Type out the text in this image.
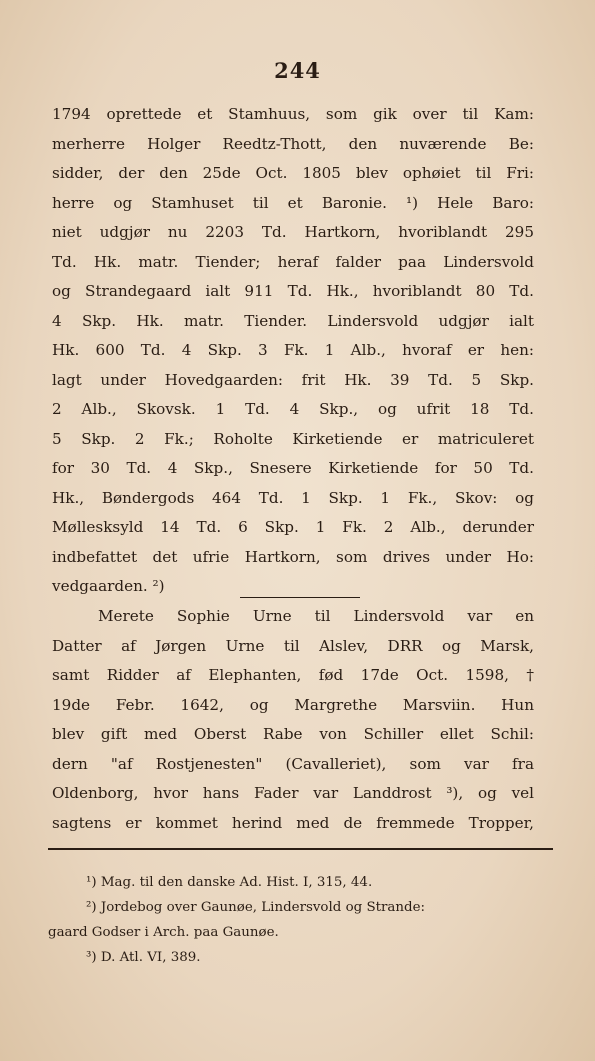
244
1794 oprettede et Stamhuus, som gik over til Kam:
merherre Holger Reedtz-Thott, den nuværende Be:
sidder, der den 25de Oct. 1805 blev ophøiet til Fri:
herre og Stamhuset til et Baronie. ¹) Hele Baro:
niet udgjør nu 2203 Td. Hartkorn, hvoriblandt 295
Td. Hk. matr. Tiender; heraf falder paa Lindersvold
og Strandegaard ialt 911 Td. Hk., hvoriblandt 80 Td.
4 Skp. Hk. matr. Tiender. Lindersvold udgjør ialt
Hk. 600 Td. 4 Skp. 3 Fk. 1 Alb., hvoraf er hen:
lagt under Hovedgaarden: frit Hk. 39 Td. 5 Skp.
2 Alb., Skovsk. 1 Td. 4 Skp., og ufrit 18 Td.
5 Skp. 2 Fk.; Roholte Kirketiende er matriculeret
for 30 Td. 4 Skp., Snesere Kirketiende for 50 Td.
Hk., Bøndergods 464 Td. 1 Skp. 1 Fk., Skov: og
Møllesksyld 14 Td. 6 Skp. 1 Fk. 2 Alb., derunder
indbefattet det ufrie Hartkorn, som drives under Ho:
vedgaarden. ²)
Merete Sophie Urne til Lindersvold var en
Datter af Jørgen Urne til Alslev, DRR og Marsk,
samt Ridder af Elephanten, fød 17de Oct. 1598, †
19de Febr. 1642, og Margrethe Marsviin. Hun
blev gift med Oberst Rabe von Schiller ellet Schil:
dern "af Rostjenesten" (Cavalleriet), som var fra
Oldenborg, hvor hans Fader var Landdrost ³), og vel
sagtens er kommet herind med de fremmede Tropper,
¹) Mag. til den danske Ad. Hist. I, 315, 44.
²) Jordebog over Gaunøe, Lindersvold og Strande:
gaard Godser i Arch. paa Gaunøe.
³) D. Atl. VI, 389.
